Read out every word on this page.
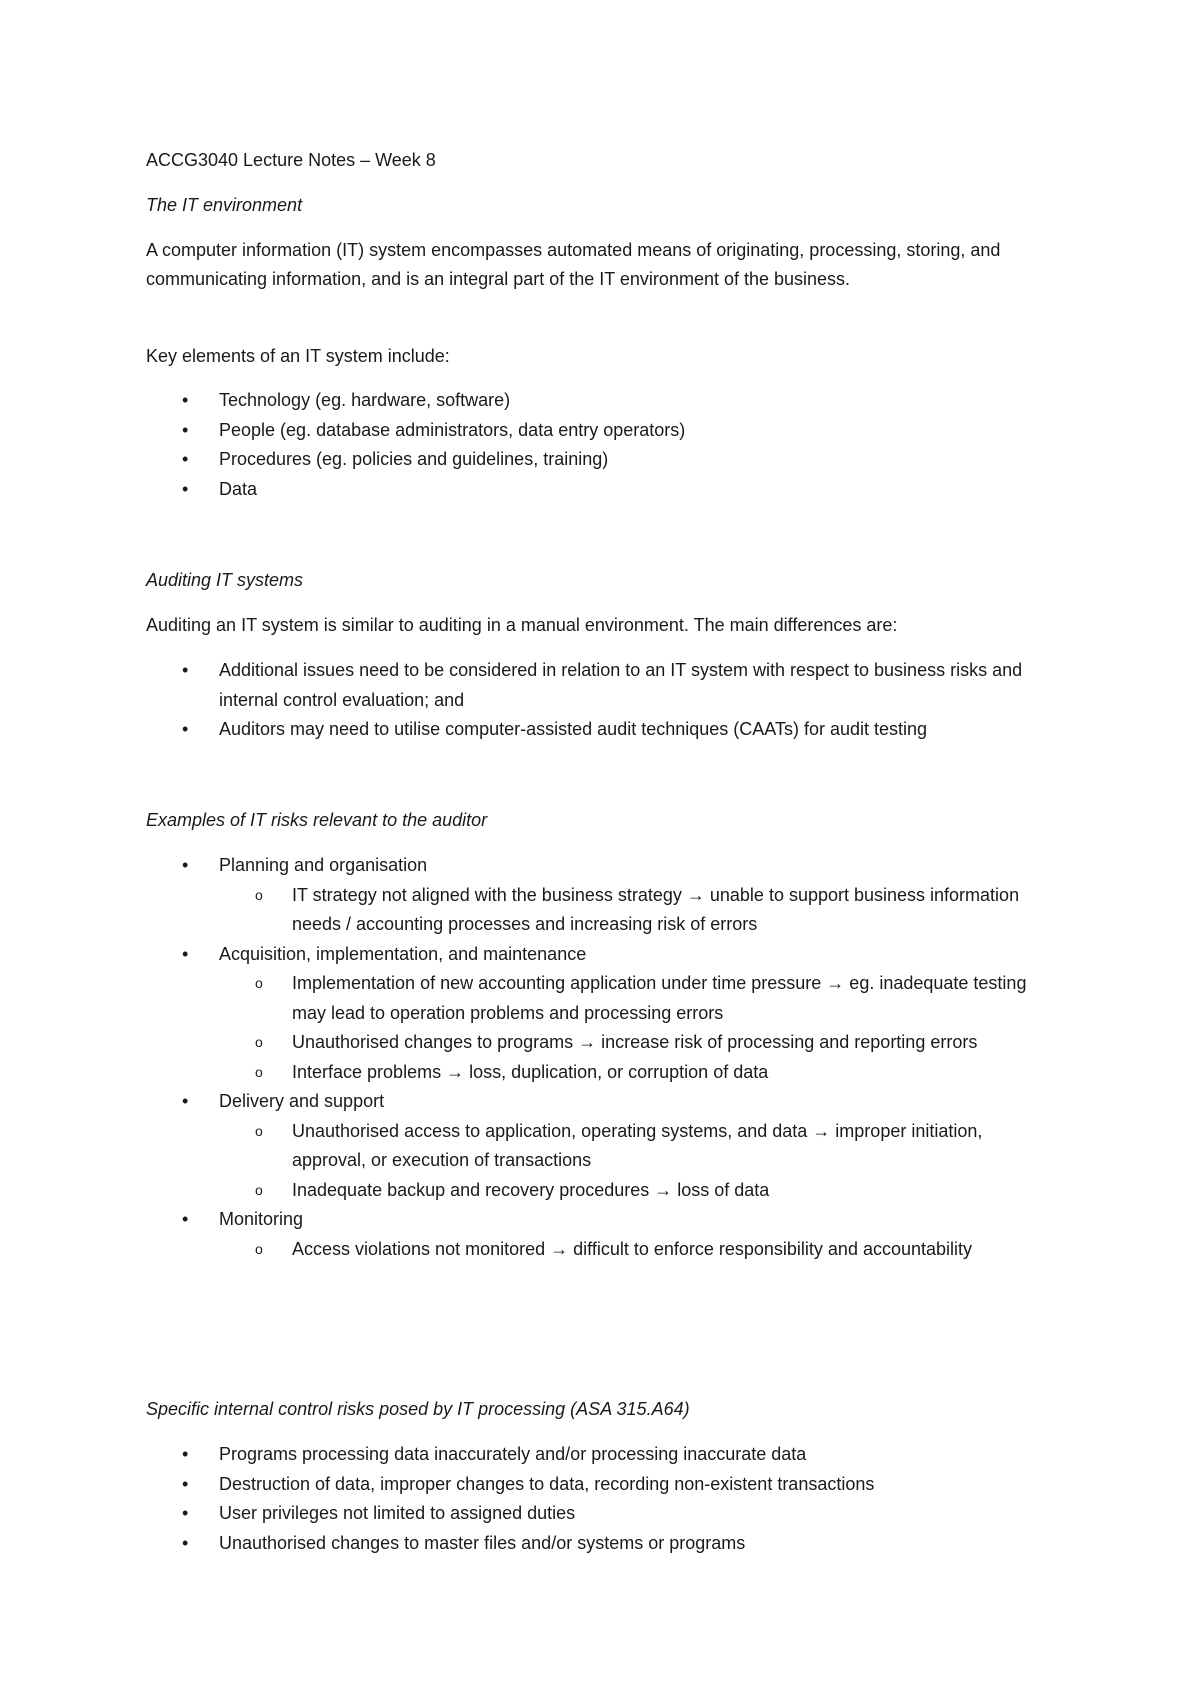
ACCG3040 Lecture Notes – Week 8

The IT environment

A computer information (IT) system encompasses automated means of originating, processing, storing, and communicating information, and is an integral part of the IT environment of the business.

Key elements of an IT system include:

• Technology (eg. hardware, software)
• People (eg. database administrators, data entry operators)
• Procedures (eg. policies and guidelines, training)
• Data

Auditing IT systems

Auditing an IT system is similar to auditing in a manual environment. The main differences are:

• Additional issues need to be considered in relation to an IT system with respect to business risks and internal control evaluation; and
• Auditors may need to utilise computer-assisted audit techniques (CAATs) for audit testing

Examples of IT risks relevant to the auditor

• Planning and organisation
o IT strategy not aligned with the business strategy → unable to support business information needs / accounting processes and increasing risk of errors
• Acquisition, implementation, and maintenance
o Implementation of new accounting application under time pressure → eg. inadequate testing may lead to operation problems and processing errors
o Unauthorised changes to programs → increase risk of processing and reporting errors
o Interface problems → loss, duplication, or corruption of data
• Delivery and support
o Unauthorised access to application, operating systems, and data → improper initiation, approval, or execution of transactions
o Inadequate backup and recovery procedures → loss of data
• Monitoring
o Access violations not monitored → difficult to enforce responsibility and accountability

Specific internal control risks posed by IT processing (ASA 315.A64)

• Programs processing data inaccurately and/or processing inaccurate data
• Destruction of data, improper changes to data, recording non-existent transactions
• User privileges not limited to assigned duties
• Unauthorised changes to master files and/or systems or programs
